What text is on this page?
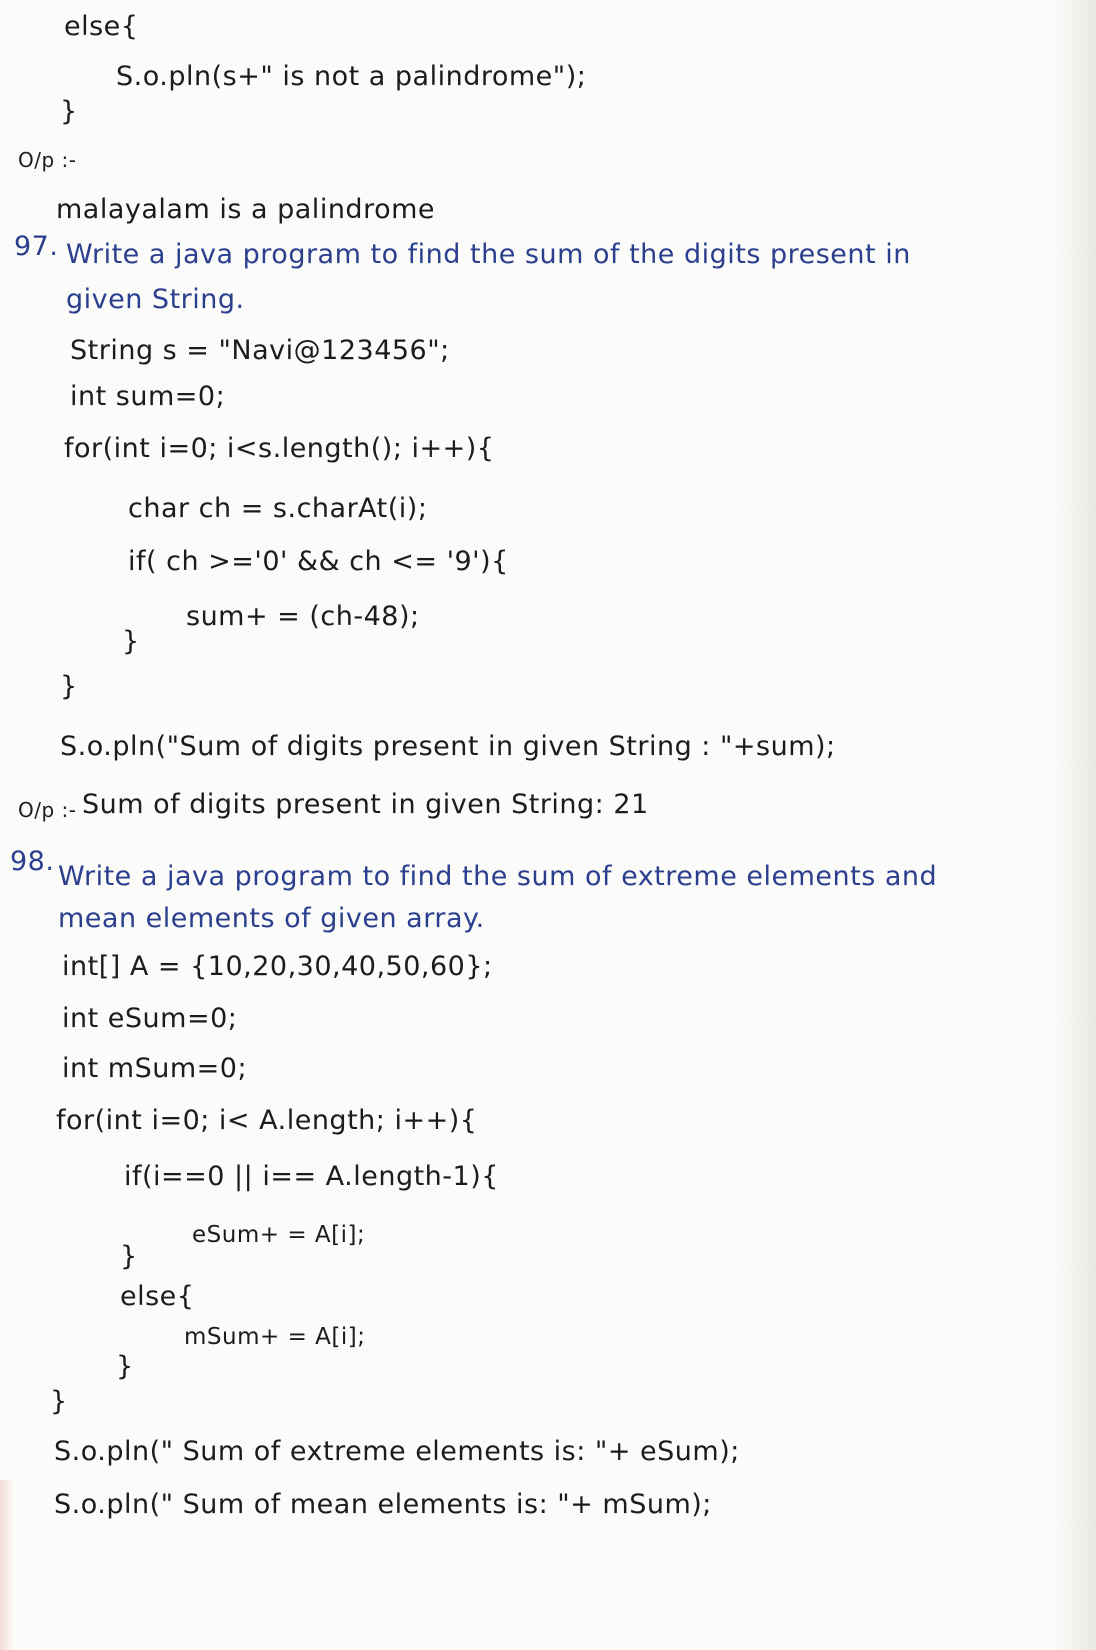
else{
S.o.pln(s+" is not a palindrome");
}
O/p :-
malayalam is a palindrome
97. Write a java program to find the sum of the digits present in
given String.
String s = "Navi@123456";
int sum=0;
for(int i=0; i<s.length(); i++){
char ch = s.charAt(i);
if( ch >='0' && ch <= '9'){
sum+ = (ch-48);
}
}
S.o.pln("Sum of digits present in given String : "+sum);
O/p :- Sum of digits present in given String: 21
98. Write a java program to find the sum of extreme elements and
mean elements of given array.
int[] A = {10,20,30,40,50,60};
int eSum=0;
int mSum=0;
for(int i=0; i< A.length; i++){
if(i==0 || i== A.length-1){
eSum+ = A[i];
}
else{
mSum+ = A[i];
}
}
S.o.pln(" Sum of extreme elements is: "+ eSum);
S.o.pln(" Sum of mean elements is: "+ mSum);
